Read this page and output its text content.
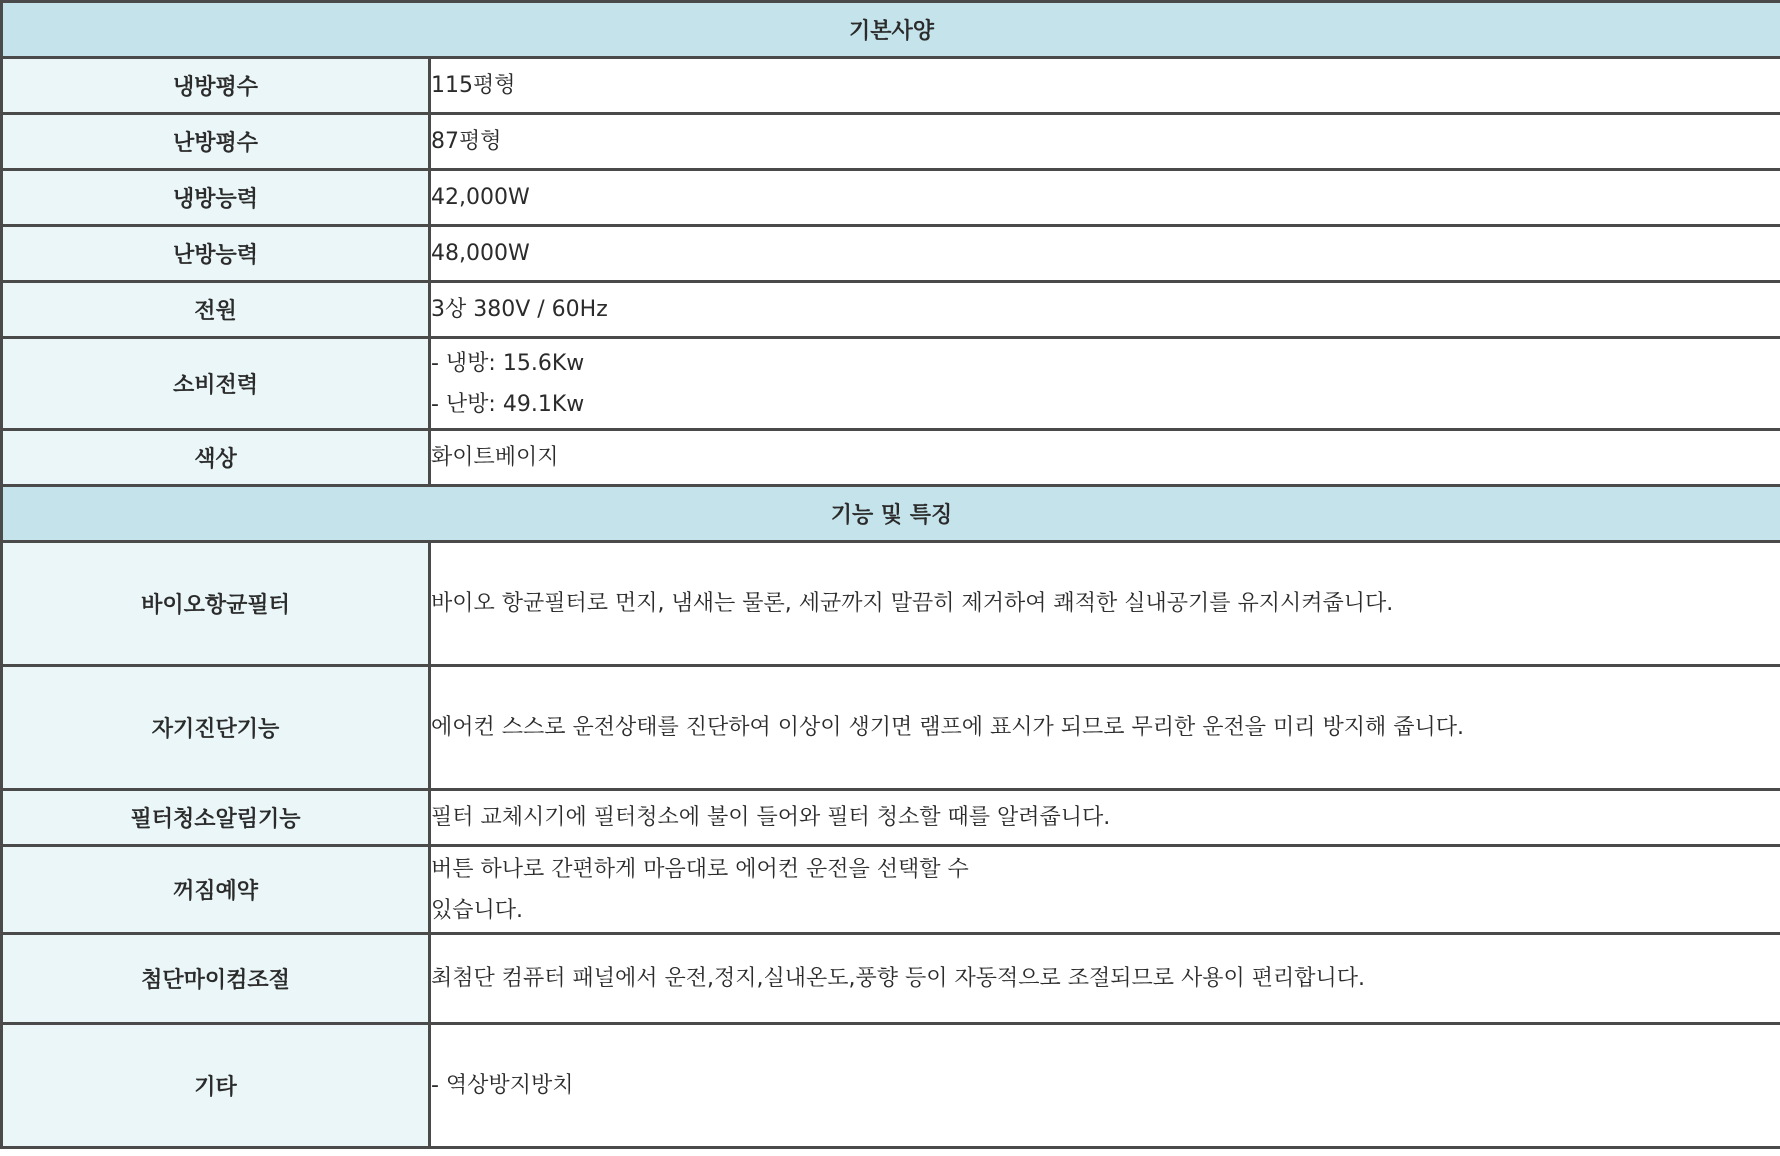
기본사양	
냉방평수	115평형

난방평수	87평형

냉방능력	42,000W

난방능력	48,000W

전원	3상 380V / 60Hz

소비전력	- 냉방: 15.6Kw
- 난방: 49.1Kw

색상	화이트베이지

기능 및 특징	
바이오항균필터	바이오 항균필터로 먼지, 냄새는 물론, 세균까지 말끔히 제거하여 쾌적한 실내공기를 유지시켜줍니다.

자기진단기능	에어컨 스스로 운전상태를 진단하여 이상이 생기면 램프에 표시가 되므로 무리한 운전을 미리 방지해 줍니다.

필터청소알림기능	필터 교체시기에 필터청소에 불이 들어와 필터 청소할 때를 알려줍니다.

꺼짐예약	버튼 하나로 간편하게 마음대로 에어컨 운전을 선택할 수
있습니다.

첨단마이컴조절	최첨단 컴퓨터 패널에서 운전,정지,실내온도,풍향 등이 자동적으로 조절되므로 사용이 편리합니다.

기타	- 역상방지방치
